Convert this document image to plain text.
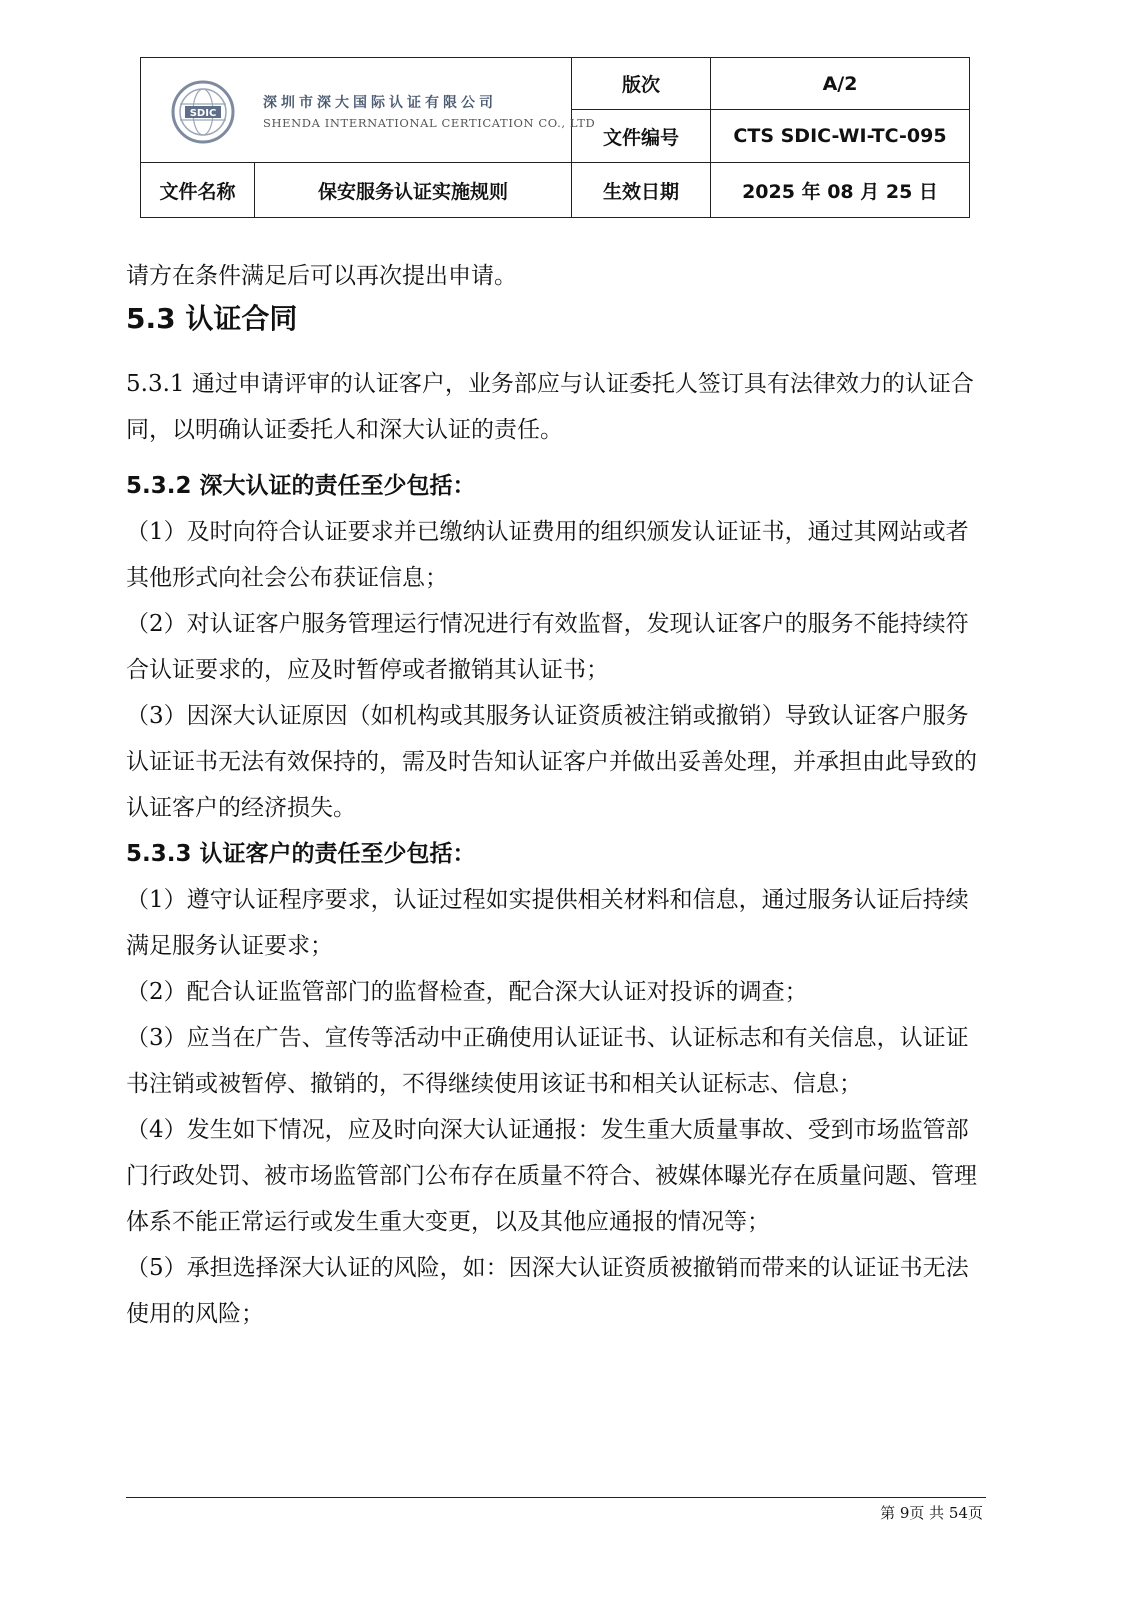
SDIC
深圳市深大国际认证有限公司
SHENDA INTERNATIONAL CERTICATION CO., LTD		版次	A/2
		文件编号	CTS SDIC-WI-TC-095
文件名称	保安服务认证实施规则	生效日期	2025 年 08 月 25 日

请方在条件满足后可以再次提出申请。

5.3 认证合同

5.3.1 通过申请评审的认证客户，业务部应与认证委托人签订具有法律效力的认证合同，以明确认证委托人和深大认证的责任。

5.3.2 深大认证的责任至少包括：

（1）及时向符合认证要求并已缴纳认证费用的组织颁发认证证书，通过其网站或者其他形式向社会公布获证信息；

（2）对认证客户服务管理运行情况进行有效监督，发现认证客户的服务不能持续符合认证要求的，应及时暂停或者撤销其认证书；

（3）因深大认证原因（如机构或其服务认证资质被注销或撤销）导致认证客户服务认证证书无法有效保持的，需及时告知认证客户并做出妥善处理，并承担由此导致的认证客户的经济损失。

5.3.3 认证客户的责任至少包括：

（1）遵守认证程序要求，认证过程如实提供相关材料和信息，通过服务认证后持续满足服务认证要求；

（2）配合认证监管部门的监督检查，配合深大认证对投诉的调查；

（3）应当在广告、宣传等活动中正确使用认证证书、认证标志和有关信息，认证证书注销或被暂停、撤销的，不得继续使用该证书和相关认证标志、信息；

（4）发生如下情况，应及时向深大认证通报：发生重大质量事故、受到市场监管部门行政处罚、被市场监管部门公布存在质量不符合、被媒体曝光存在质量问题、管理体系不能正常运行或发生重大变更，以及其他应通报的情况等；

（5）承担选择深大认证的风险，如：因深大认证资质被撤销而带来的认证证书无法使用的风险；

第 9页 共 54页
